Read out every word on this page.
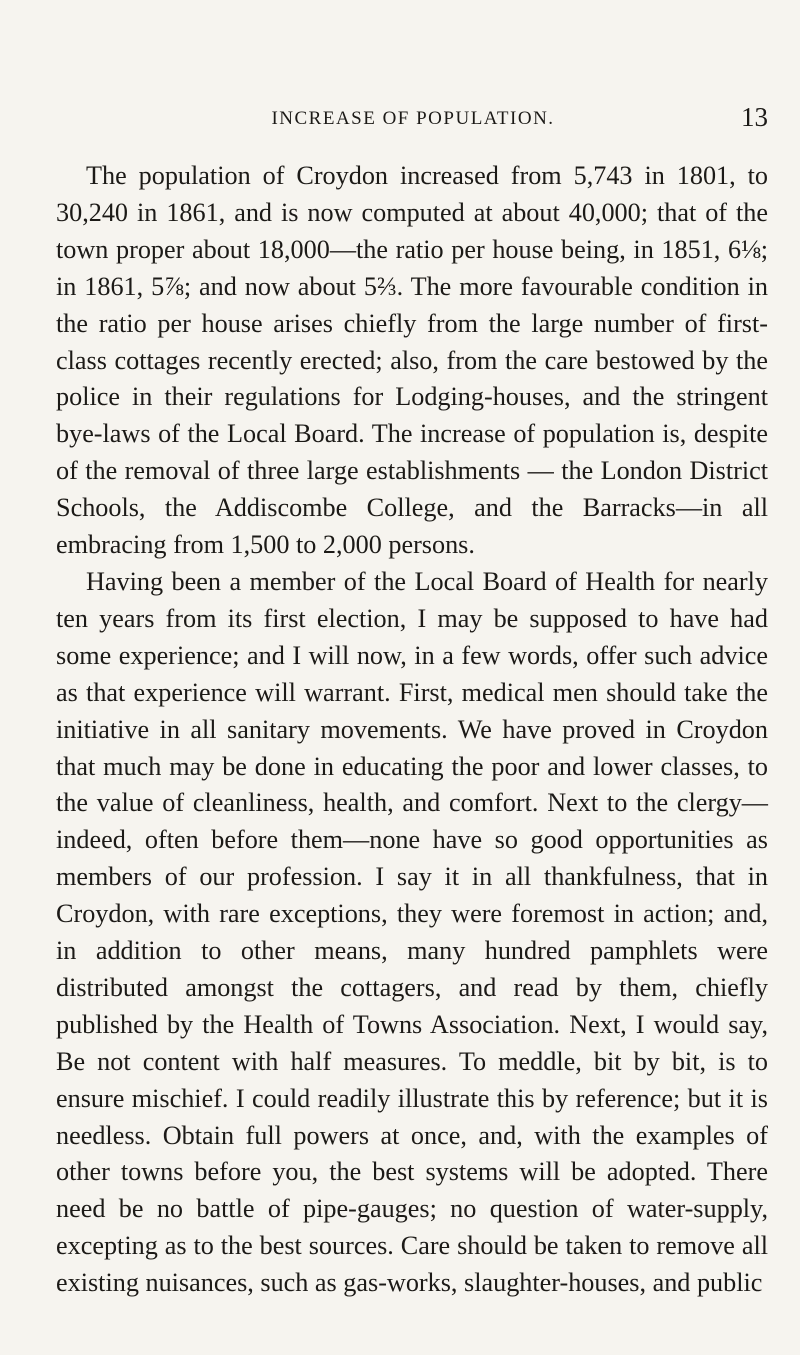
INCREASE OF POPULATION.	13

The population of Croydon increased from 5,743 in 1801, to 30,240 in 1861, and is now computed at about 40,000; that of the town proper about 18,000—the ratio per house being, in 1851, 6⅛; in 1861, 5⅞; and now about 5⅔. The more favourable condition in the ratio per house arises chiefly from the large number of first-class cottages recently erected; also, from the care bestowed by the police in their regulations for Lodging-houses, and the stringent bye-laws of the Local Board. The increase of population is, despite of the removal of three large establishments — the London District Schools, the Addiscombe College, and the Barracks—in all embracing from 1,500 to 2,000 persons.

Having been a member of the Local Board of Health for nearly ten years from its first election, I may be supposed to have had some experience; and I will now, in a few words, offer such advice as that experience will warrant. First, medical men should take the initiative in all sanitary movements. We have proved in Croydon that much may be done in educating the poor and lower classes, to the value of cleanliness, health, and comfort. Next to the clergy—indeed, often before them—none have so good opportunities as members of our profession. I say it in all thankfulness, that in Croydon, with rare exceptions, they were foremost in action; and, in addition to other means, many hundred pamphlets were distributed amongst the cottagers, and read by them, chiefly published by the Health of Towns Association. Next, I would say, Be not content with half measures. To meddle, bit by bit, is to ensure mischief. I could readily illustrate this by reference; but it is needless. Obtain full powers at once, and, with the examples of other towns before you, the best systems will be adopted. There need be no battle of pipe-gauges; no question of water-supply, excepting as to the best sources. Care should be taken to remove all existing nuisances, such as gas-works, slaughter-houses, and public
